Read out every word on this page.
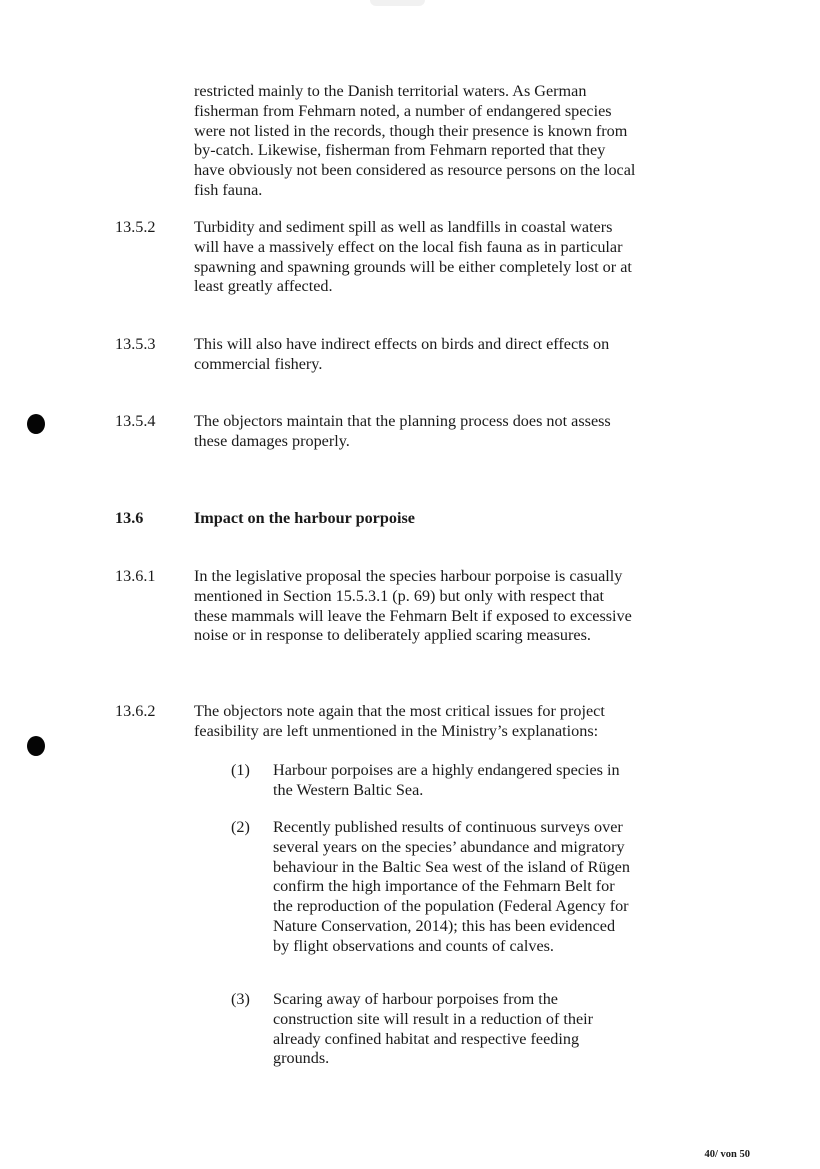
restricted mainly to the Danish territorial waters. As German fisherman from Fehmarn noted, a number of endangered species were not listed in the records, though their presence is known from by-catch. Likewise, fisherman from Fehmarn reported that they have obviously not been considered as resource persons on the local fish fauna.
13.5.2 Turbidity and sediment spill as well as landfills in coastal waters will have a massively effect on the local fish fauna as in particular spawning and spawning grounds will be either completely lost or at least greatly affected.
13.5.3 This will also have indirect effects on birds and direct effects on commercial fishery.
13.5.4 The objectors maintain that the planning process does not assess these damages properly.
13.6	Impact on the harbour porpoise
13.6.1 In the legislative proposal the species harbour porpoise is casually mentioned in Section 15.5.3.1 (p. 69) but only with respect that these mammals will leave the Fehmarn Belt if exposed to excessive noise or in response to deliberately applied scaring measures.
13.6.2 The objectors note again that the most critical issues for project feasibility are left unmentioned in the Ministry’s explanations:
(1) Harbour porpoises are a highly endangered species in the Western Baltic Sea.
(2) Recently published results of continuous surveys over several years on the species’ abundance and migratory behaviour in the Baltic Sea west of the island of Rügen confirm the high importance of the Fehmarn Belt for the reproduction of the population (Federal Agency for Nature Conservation, 2014); this has been evidenced by flight observations and counts of calves.
(3) Scaring away of harbour porpoises from the construction site will result in a reduction of their already confined habitat and respective feeding grounds.
40/ von 50
